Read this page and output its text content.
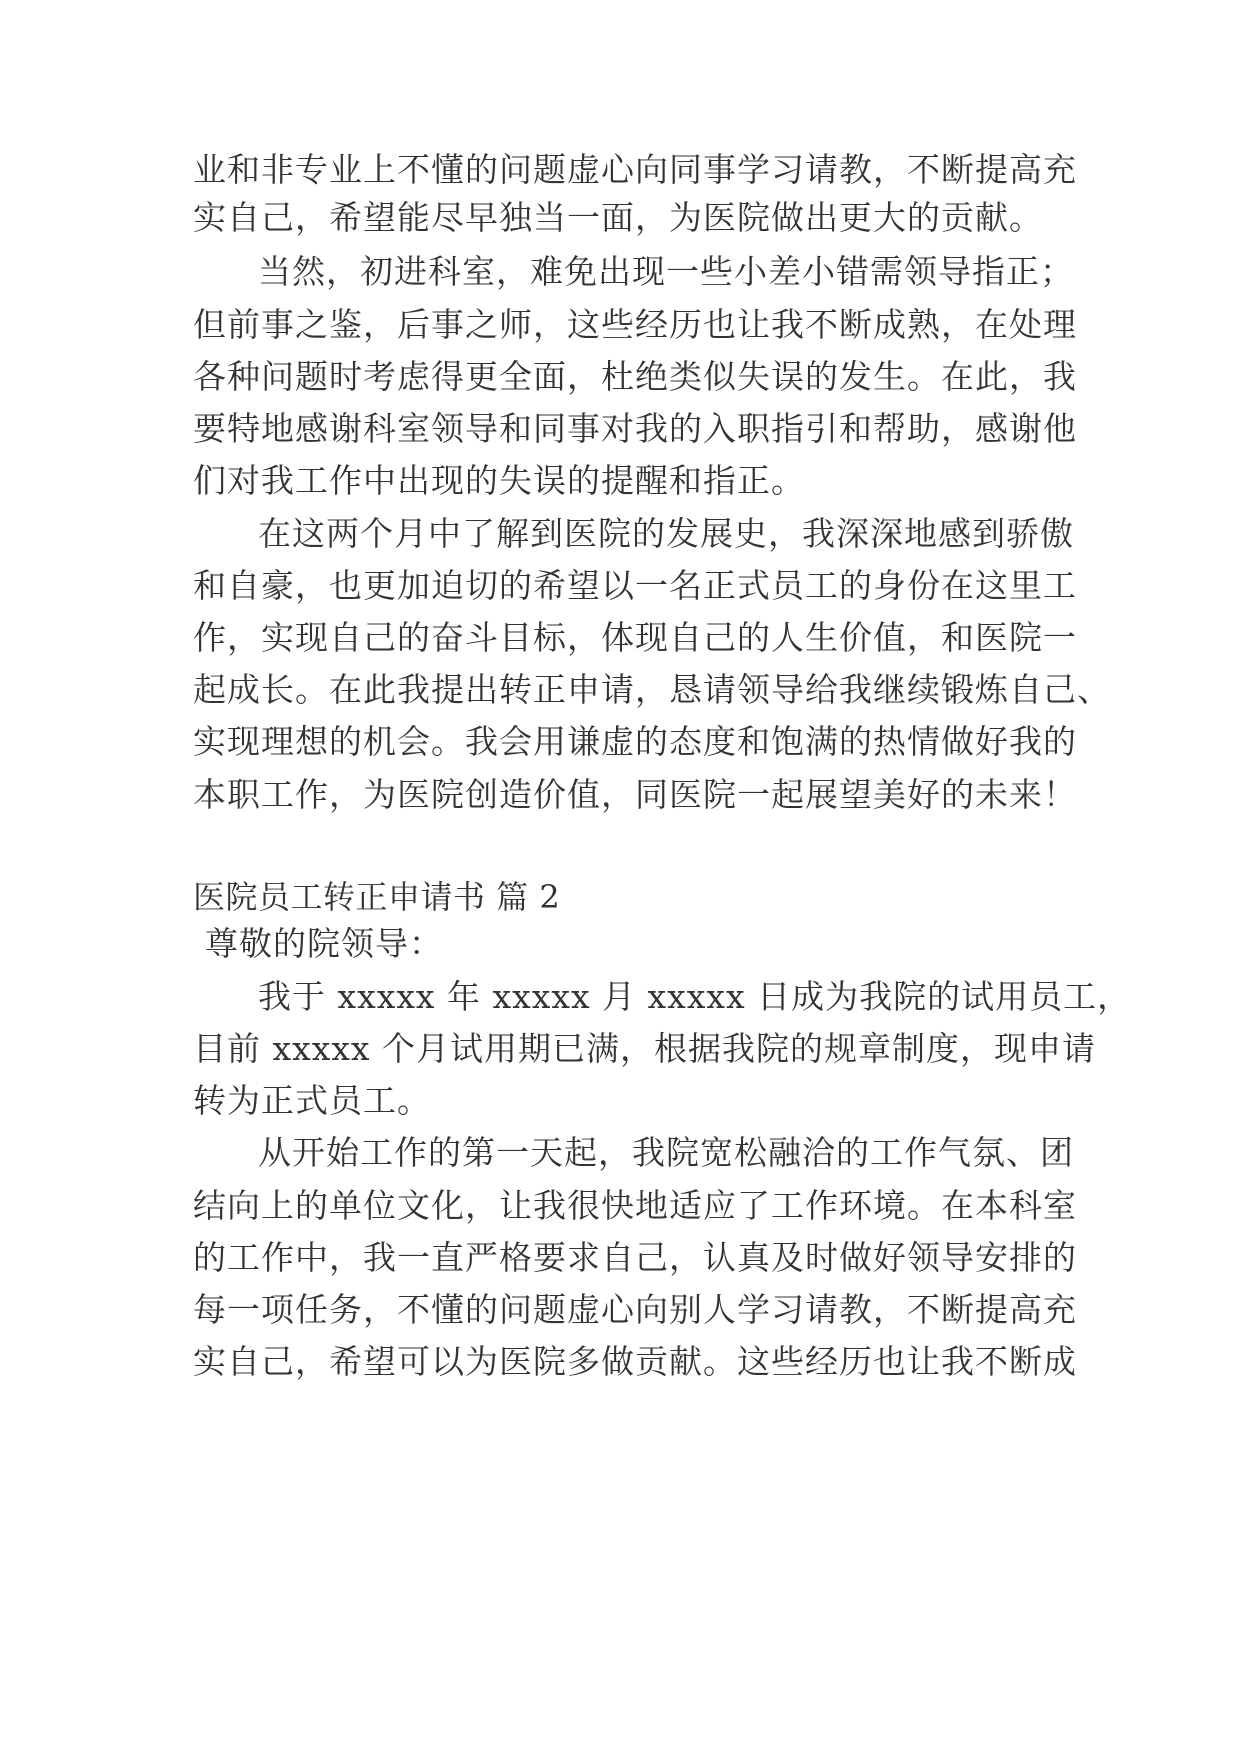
业和非专业上不懂的问题虚心向同事学习请教，不断提高充
实自己，希望能尽早独当一面，为医院做出更大的贡献。
当然，初进科室，难免出现一些小差小错需领导指正；
但前事之鉴，后事之师，这些经历也让我不断成熟，在处理
各种问题时考虑得更全面，杜绝类似失误的发生。在此，我
要特地感谢科室领导和同事对我的入职指引和帮助，感谢他
们对我工作中出现的失误的提醒和指正。
在这两个月中了解到医院的发展史，我深深地感到骄傲
和自豪，也更加迫切的希望以一名正式员工的身份在这里工
作，实现自己的奋斗目标，体现自己的人生价值，和医院一
起成长。在此我提出转正申请，恳请领导给我继续锻炼自己、
实现理想的机会。我会用谦虚的态度和饱满的热情做好我的
本职工作，为医院创造价值，同医院一起展望美好的未来！
医院员工转正申请书 篇 2
尊敬的院领导：
我于 xxxxx 年 xxxxx 月 xxxxx 日成为我院的试用员工，
目前 xxxxx 个月试用期已满，根据我院的规章制度，现申请
转为正式员工。
从开始工作的第一天起，我院宽松融洽的工作气氛、团
结向上的单位文化，让我很快地适应了工作环境。在本科室
的工作中，我一直严格要求自己，认真及时做好领导安排的
每一项任务，不懂的问题虚心向别人学习请教，不断提高充
实自己，希望可以为医院多做贡献。这些经历也让我不断成
